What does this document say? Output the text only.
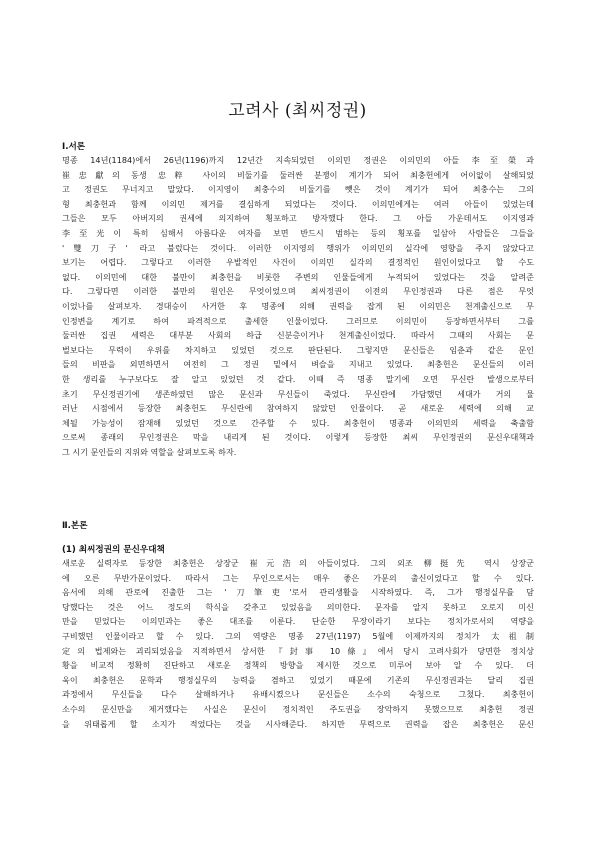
고려사 (최씨정권)
Ⅰ.서론
명종 14년(1184)에서 26년(1196)까지 12년간 지속되었던 이의민 정권은 이의민의 아들 李至榮과
崔忠獻의 동생 忠粹 사이의 비둘기를 둘러싼 분쟁이 계기가 되어 최충헌에게 어이없이 살해되었
고 정권도 무너지고 말았다. 이지영이 최충수의 비둘기를 뺏은 것이 계기가 되어 최충수는 그의
형 최충헌과 함께 이의민 제거를 결심하게 되었다는 것이다. 이의민에게는 여러 아들이 있었는데
그들은 모두 아버지의 권세에 의지하여 횡포하고 방자했다 한다. 그 아들 가운데서도 이지영과
李至光이 특히 심해서 아름다운 여자를 보면 반드시 범하는 등의 횡포를 일삼아 사람들은 그들을
'雙刀子' 라고 불렀다는 것이다. 이러한 이지영의 행위가 이의민의 실각에 영향을 주지 않았다고
보기는 어렵다. 그렇다고 이러한 우발적인 사건이 이의민 실각의 결정적인 원인이었다고 할 수도
없다. 이의민에 대한 불만이 최충헌을 비롯한 주변의 인물들에게 누적되어 있었다는 것을 알려준
다. 그렇다면 이러한 불만의 원인은 무엇이었으며 최씨정권이 이전의 무인정권과 다른 점은 무엇
이었나를 살펴보자. 경대승이 사거한 후 명종에 의해 권력을 잡게 된 이의민은 천계출신으로 무
인정변을 계기로 하여 파격적으로 출세한 인물이었다. 그러므로 이의민이 등장하면서부터 그를
둘러싼 집권 세력은 대부분 사회의 하급 신분층이거나 천계출신이었다. 따라서 그때의 사회는 문
벌보다는 무력이 우위를 차지하고 있었던 것으로 판단된다. 그렇지만 문신들은 임춘과 같은 문인
들의 비판을 외면하면서 여전히 그 정권 밑에서 벼슬을 지내고 있었다. 최충헌은 문신들의 이러
한 생리를 누구보다도 잘 알고 있었던 것 같다. 이때 즉 명종 말기에 오면 무신란 발생으로부터
초기 무신정권기에 생존하였던 많은 문신과 무신들이 죽었다. 무신란에 가담했던 세대가 거의 물
러난 시점에서 등장한 최충헌도 무신란에 참여하지 않았던 인물이다. 곧 새로운 세력에 의해 교
체될 가능성이 잠재해 있었던 것으로 간주할 수 있다. 최충헌이 명종과 이의민의 세력을 축출함
으로써 종래의 무인정권은 막을 내리게 된 것이다. 이렇게 등장한 최씨 무인정권의 문신우대책과
그 시기 문인들의 지위와 역할을 살펴보도록 하자.
Ⅱ.본론
(1) 최씨정권의 문신우대책
새로운 실력자로 등장한 최충헌은 상장군 崔元浩의 아들이었다. 그의 외조 柳挺先 역시 상장군
에 오른 무반가문이었다. 따라서 그는 무인으로서는 매우 좋은 가문의 출신이었다고 할 수 있다.
음서에 의해 관로에 진출한 그는 '刀筆吏'로서 관리생활을 시작하였다. 즉, 그가 행정실무를 담
당했다는 것은 어느 정도의 학식을 갖추고 있었음을 의미한다. 문자를 알지 못하고 오로지 미신
만을 믿었다는 이의민과는 좋은 대조를 이룬다. 단순한 무장이라기 보다는 정치가로서의 역량을
구비했던 인물이라고 할 수 있다. 그의 역량은 명종 27년(1197) 5월에 이제까지의 정치가 太祖制
定의 법제와는 괴리되었음을 지적하면서 상서한 『封事 10條』에서 당시 고려사회가 당면한 정치상
황을 비교적 정확히 진단하고 새로운 정책의 방향을 제시한 것으로 미루어 보아 알 수 있다. 더
욱이 최충헌은 문학과 행정실무의 능력을 겸하고 있었기 때문에 기존의 무신정권과는 달리 집권
과정에서 무신들을 다수 살해하거나 유배시켰으나 문신들은 소수의 숙청으로 그쳤다. 최충헌이
소수의 문신만을 제거했다는 사실은 문신이 정치적인 주도권을 장악하지 못했으므로 최충헌 정권
을 위태롭게 할 소지가 적었다는 것을 시사해준다. 하지만 무력으로 권력을 잡은 최충헌은 문신
